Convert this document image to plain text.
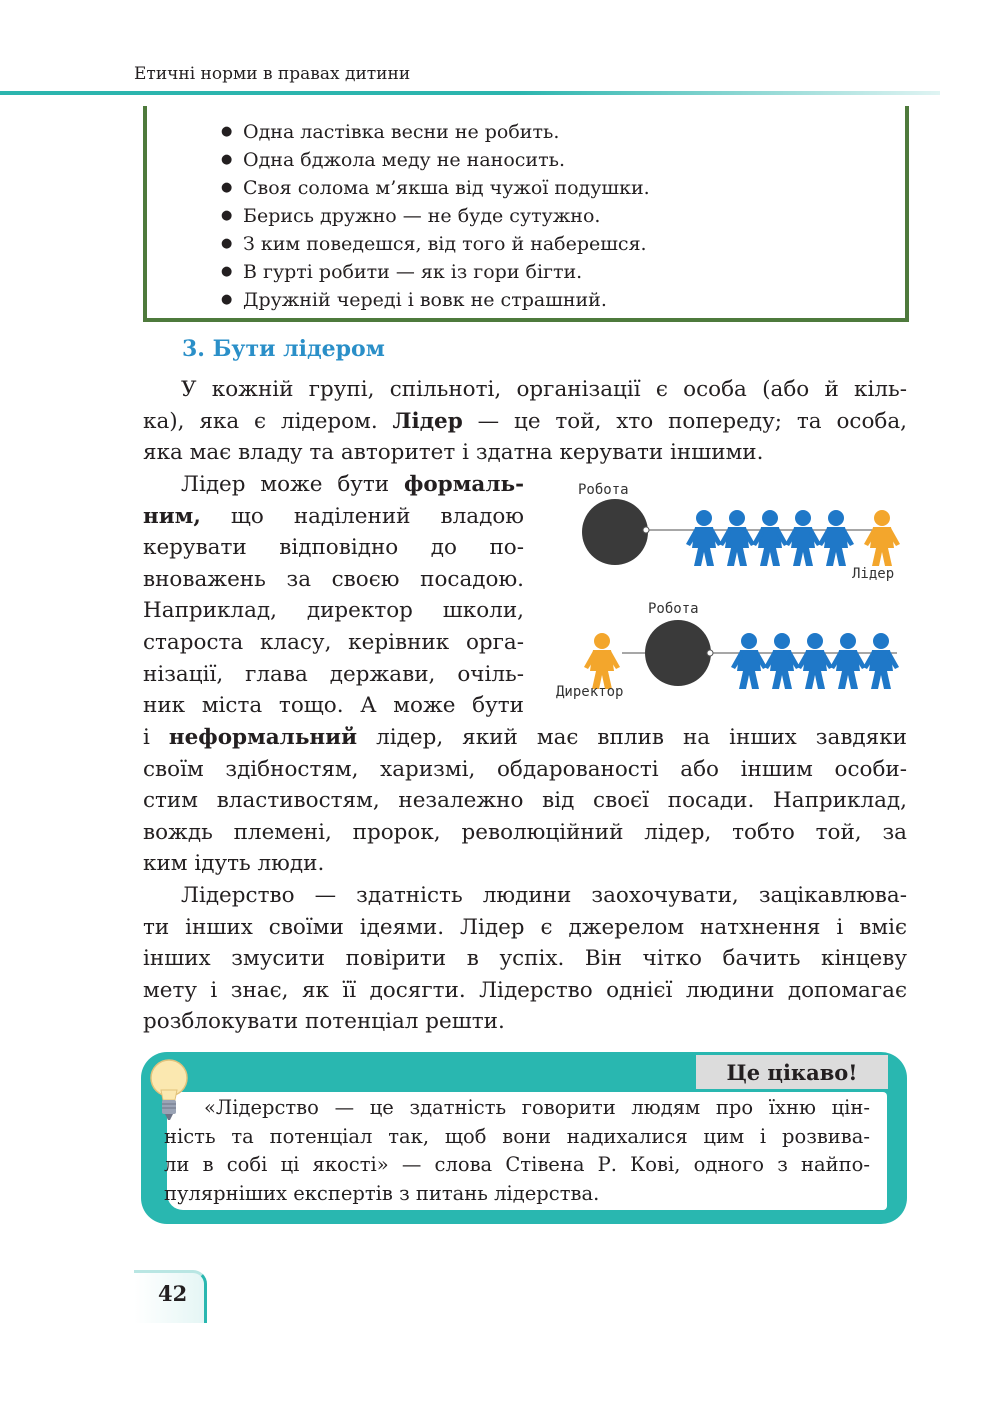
Етичні норми в правах дитини
● Одна ластівка весни не робить.
● Одна бджола меду не наносить.
● Своя солома м’якша від чужої подушки.
● Берись дружно — не буде сутужно.
● З ким поведешся, від того й наберешся.
● В гурті робити — як із гори бігти.
● Дружній череді і вовк не страшний.
3. Бути лідером
У кожній групі, спільноті, організації є особа (або й кіль-
ка), яка є лідером. Лідер — це той, хто попереду; та особа,
яка має владу та авторитет і здатна керувати іншими.
Лідер може бути формаль-
ним, що наділений владою
керувати відповідно до по-
вноважень за своєю посадою.
Наприклад, директор школи,
староста класу, керівник орга-
нізації, глава держави, очіль-
ник міста тощо. А може бути
і неформальний лідер, який має вплив на інших завдяки
своїм здібностям, харизмі, обдарованості або іншим особи-
стим властивостям, незалежно від своєї посади. Наприклад,
вождь племені, пророк, революційний лідер, тобто той, за
ким ідуть люди.
Лідерство — здатність людини заохочувати, зацікавлюва-
ти інших своїми ідеями. Лідер є джерелом натхнення і вміє
інших змусити повірити в успіх. Він чітко бачить кінцеву
мету і знає, як її досягти. Лідерство однієї людини допомагає
розблокувати потенціал решти.
Робота
Лідер
Робота
Директор
Це цікаво!
«Лідерство — це здатність говорити людям про їхню цін-
ність та потенціал так, щоб вони надихалися цим і розвива-
ли в собі ці якості» — слова Стівена Р. Кові, одного з найпо-
пулярніших експертів з питань лідерства.
42
